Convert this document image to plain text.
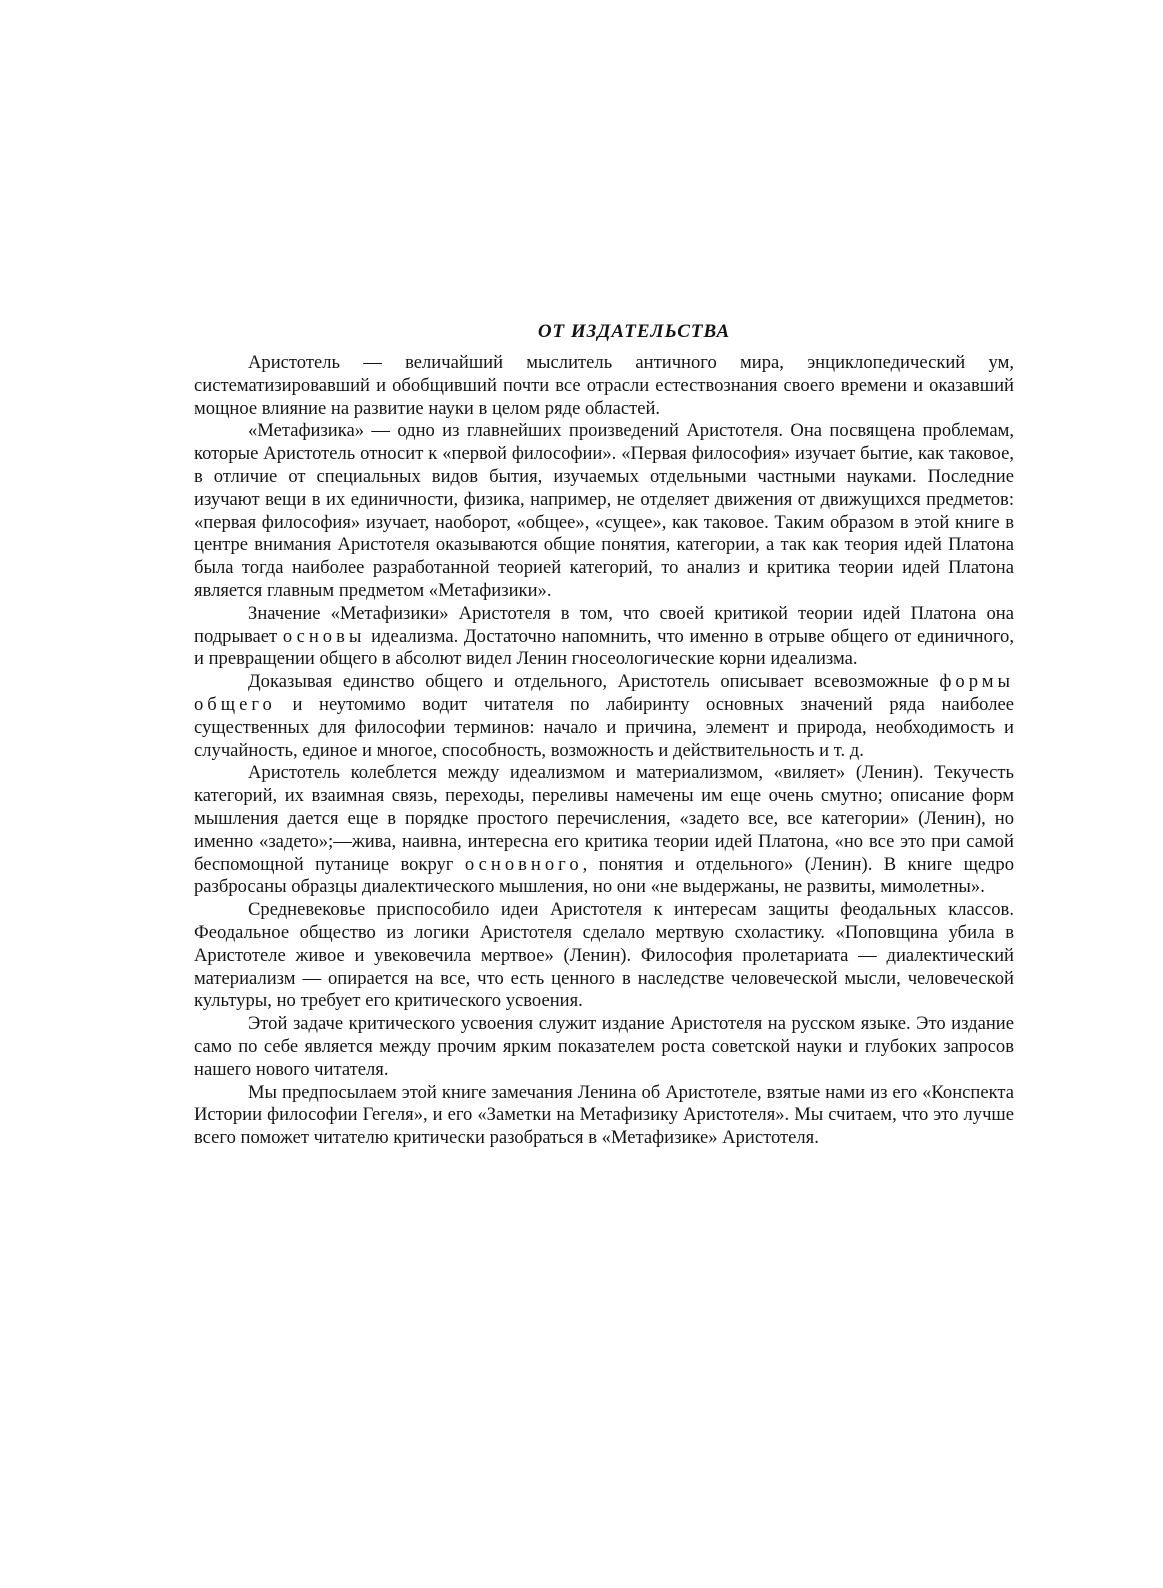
ОТ ИЗДАТЕЛЬСТВА

Аристотель — величайший мыслитель античного мира, энциклопедический ум, систематизировавший и обобщивший почти все отрасли естествознания своего времени и оказавший мощное влияние на развитие науки в целом ряде областей.

«Метафизика» — одно из главнейших произведений Аристотеля. Она посвящена проблемам, которые Аристотель относит к «первой философии». «Первая философия» изучает бытие, как таковое, в отличие от специальных видов бытия, изучаемых отдельными частными науками. Последние изучают вещи в их единичности, физика, например, не отделяет движения от движущихся предметов: «первая философия» изучает, наоборот, «общее», «сущее», как таковое. Таким образом в этой книге в центре внимания Аристотеля оказываются общие понятия, категории, а так как теория идей Платона была тогда наиболее разработанной теорией категорий, то анализ и критика теории идей Платона является главным предметом «Метафизики».

Значение «Метафизики» Аристотеля в том, что своей критикой теории идей Платона она подрывает основы идеализма. Достаточно напомнить, что именно в отрыве общего от единичного, и превращении общего в абсолют видел Ленин гносеологические корни идеализма.

Доказывая единство общего и отдельного, Аристотель описывает всевозможные формы общего и неутомимо водит читателя по лабиринту основных значений ряда наиболее существенных для философии терминов: начало и причина, элемент и природа, необходимость и случайность, единое и многое, способность, возможность и действительность и т. д.

Аристотель колеблется между идеализмом и материализмом, «виляет» (Ленин). Текучесть категорий, их взаимная связь, переходы, переливы намечены им еще очень смутно; описание форм мышления дается еще в порядке простого перечисления, «задето все, все категории» (Ленин), но именно «задето»;—жива, наивна, интересна его критика теории идей Платона, «но все это при самой беспомощной путанице вокруг основного, понятия и отдельного» (Ленин). В книге щедро разбросаны образцы диалектического мышления, но они «не выдержаны, не развиты, мимолетны».

Средневековье приспособило идеи Аристотеля к интересам защиты феодальных классов. Феодальное общество из логики Аристотеля сделало мертвую схоластику. «Поповщина убила в Аристотеле живое и увековечила мертвое» (Ленин). Философия пролетариата — диалектический материализм — опирается на все, что есть ценного в наследстве человеческой мысли, человеческой культуры, но требует его критического усвоения.

Этой задаче критического усвоения служит издание Аристотеля на русском языке. Это издание само по себе является между прочим ярким показателем роста советской науки и глубоких запросов нашего нового читателя.

Мы предпосылаем этой книге замечания Ленина об Аристотеле, взятые нами из его «Конспекта Истории философии Гегеля», и его «Заметки на Метафизику Аристотеля». Мы считаем, что это лучше всего поможет читателю критически разобраться в «Метафизике» Аристотеля.
